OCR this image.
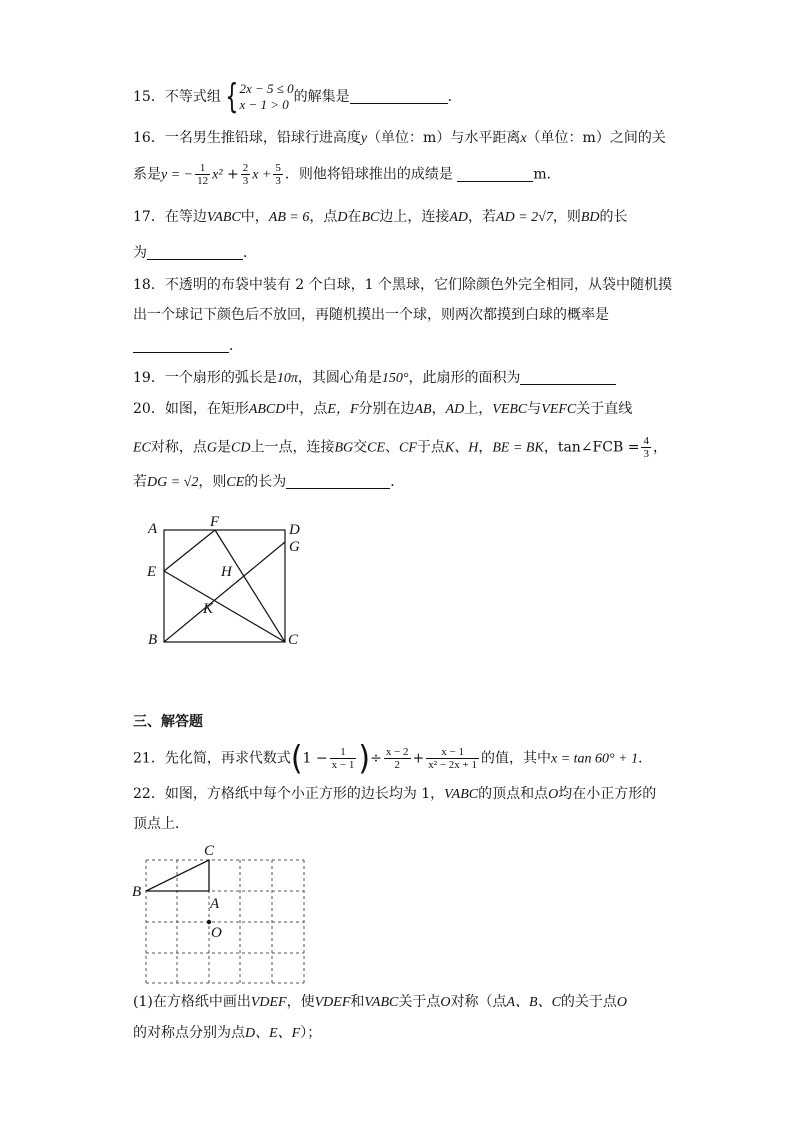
15．不等式组 { 2x − 5 ≤ 0
x − 1 > 0 的解集是	．
16．一名男生推铅球，铅球行进高度y（单位：m）与水平距离x（单位：m）之间的关
系是y = − $\frac{1}{12} x^2 + \frac{2}{3}$ $x + \frac{5}{3}$ ．则他将铅球推出的成绩是	m．
17．在等边VABC中，AB = 6，点D在BC边上，连接AD，若AD = 2√7，则BD的长
为	．
18．不透明的布袋中装有 2 个白球，1 个黑球，它们除颜色外完全相同，从袋中随机摸
出一个球记下颜色后不放回，再随机摸出一个球，则两次都摸到白球的概率是
．
19．一个扇形的弧长是10π，其圆心角是150°，此扇形的面积为
20．如图，在矩形ABCD中，点E，F分别在边AB，AD上，VEBC与VEFC关于直线
EC对称，点G是CD上一点，连接BG交CE、CF于点K、H，BE = BK，tan∠FCB = $\frac{4}{3}$ ，
若DG = √2，则CE的长为	．
A	F	D
G
E	H
K
B	C
三、解答题
21．先化简，再求代数式($1 - \frac{1}{x - 1}$ )÷ $\frac{x - 2}{2} + \frac{x - 1}{\text{x² − 2x + 1}}$ 的值，其中x = tan 60° + 1．
22．如图，方格纸中每个小正方形的边长均为 1，VABC的顶点和点O均在小正方形的
顶点上．
C
B
A
O
(1)在方格纸中画出VDEF，使VDEF和VABC关于点O对称（点A、B、C的关于点O
的对称点分别为点D、E、F）；
